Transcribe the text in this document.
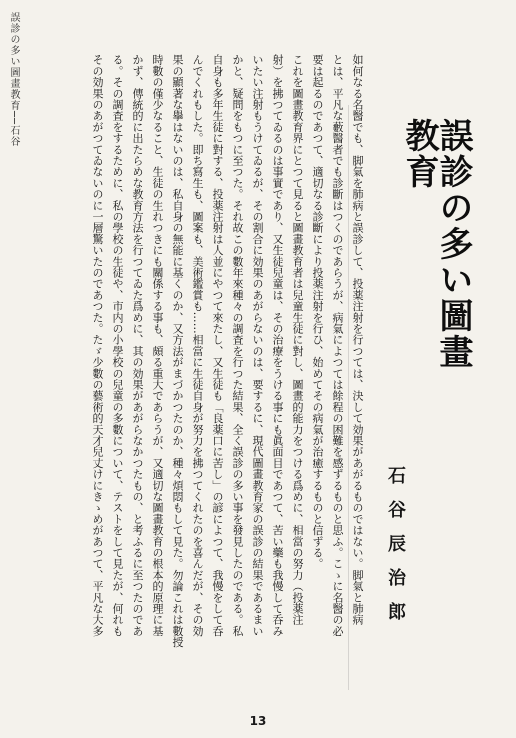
誤診の多い圖畫教育──石谷	如何なる名醫でも、脚氣を肺病と誤診して、投薬注射を行つては、決して効果があがるものではない。脚氣と肺病
とは、平凡な藪醫者でも診斷はつくのであらうが、病氣によつては餘程の困難を感ずるものと思ふ。こゝに名醫の必
要は起るのであつて、適切なる診斷により投薬注射を行ひ、始めてその病氣が治癒するものと信ずる。
これを圖畫教育界にとつて見ると圖畫教育者は兒童生徒に對し、圖畫的能力をつける爲めに、相當の努力（投薬注
射）を拂つてゐるのは事實であり、又生徒兒童は、その治療をうける事にも眞面目であつて、苦い藥も我慢して呑み
いたい注射もうけてゐるが、その割合に効果のあがらないのは、要するに、現代圖畫教育家の誤診の結果であるまい
かと、疑問をもつに至つた。それ故この數年來種々の調査を行つた結果、全く誤診の多い事を發見したのである。私
自身も多年生徒に對する、投薬注射は人並にやつて來たし、又生徒も「良薬口に苦し」の諺によつて、我慢をして呑
んでくれもした。即ち寫生も、圖案も、美術鑑賞も……相當に生徒自身が努力を拂つてくれたのを喜んだが、その効
果の顯著な擧はないのは、私自身の無能に基くのか、又方法がまづかつたのか、種々煩悶もして見た。勿論これは數授
時數の僅少なること、生徒の生れつきにも關係する事も、頗る重大であらうが、又適切な圖畫教育の根本的原理に基
かず、傳統的に出たらめな教育方法を行つてゐた爲めに、其の効果があがらなかつたもの、と考ふるに至つたのであ
る。その調査をするために、私の學校の生徒や、市内の小學校の兒童の多數について、テストをして見たが、何れも
その効果のあがつてゐないのに一層驚いたのであつた。たゞ少數の藝術的天才兒丈けにきゝめがあつて、平凡な大多	誤診の多い圖畫教育
石谷辰治郎
13
